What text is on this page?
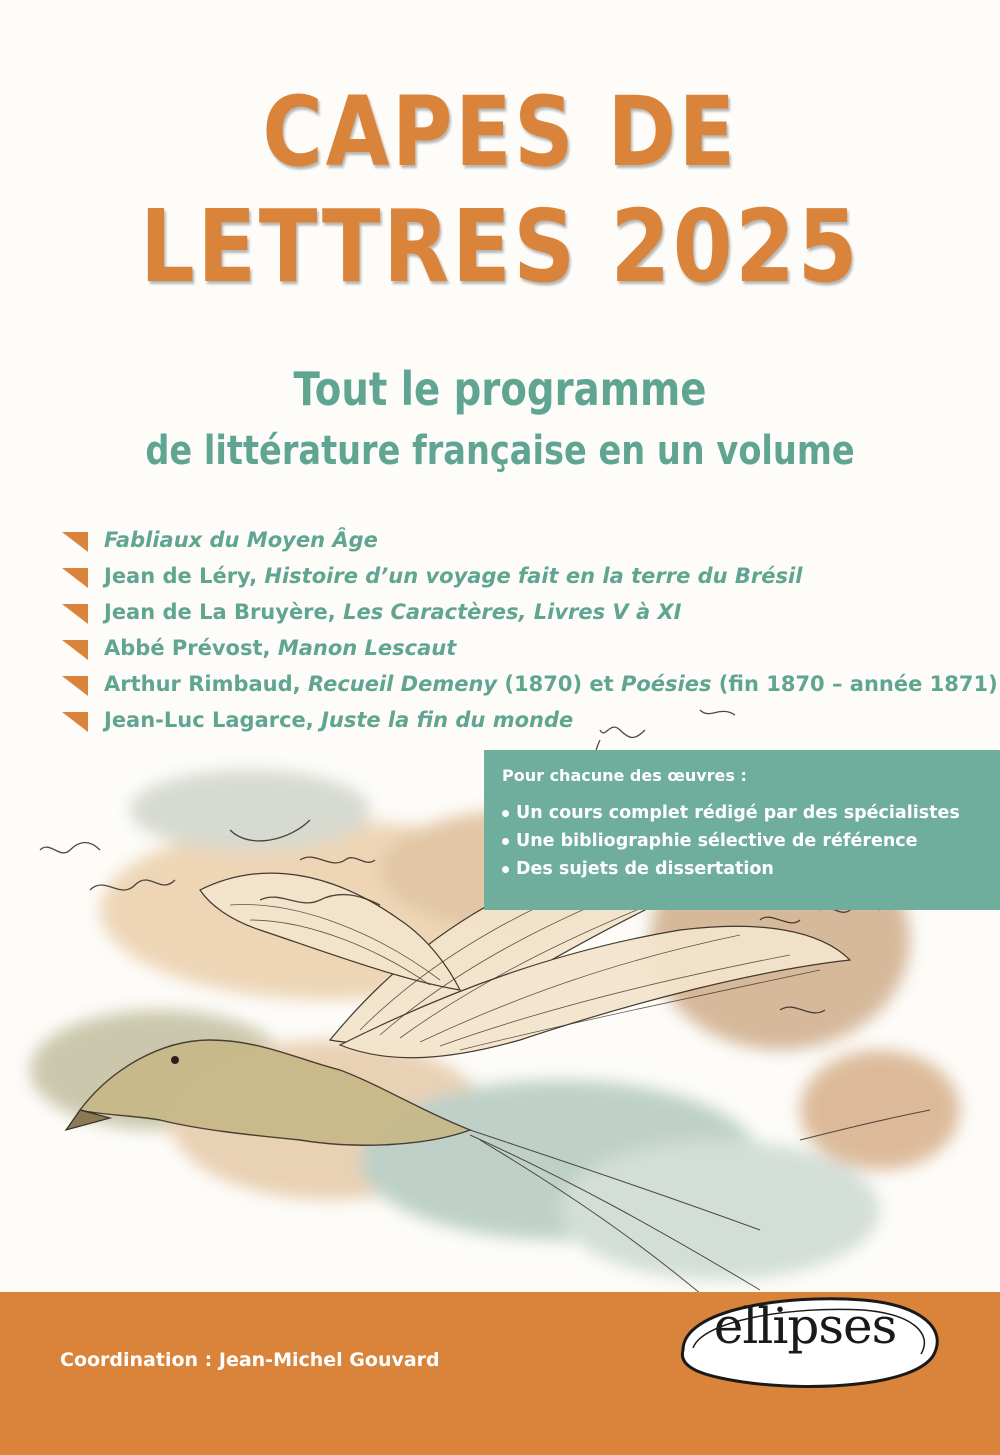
CAPES DE
LETTRES 2025
Tout le programme
de littérature française en un volume
Fabliaux du Moyen Âge
Jean de Léry, Histoire d’un voyage fait en la terre du Brésil
Jean de La Bruyère, Les Caractères, Livres V à XI
Abbé Prévost, Manon Lescaut
Arthur Rimbaud, Recueil Demeny (1870) et Poésies (fin 1870 – année 1871)
Jean-Luc Lagarce, Juste la fin du monde
Pour chacune des œuvres :
Un cours complet rédigé par des spécialistes
Une bibliographie sélective de référence
Des sujets de dissertation
Coordination : Jean-Michel Gouvard
ellipses
